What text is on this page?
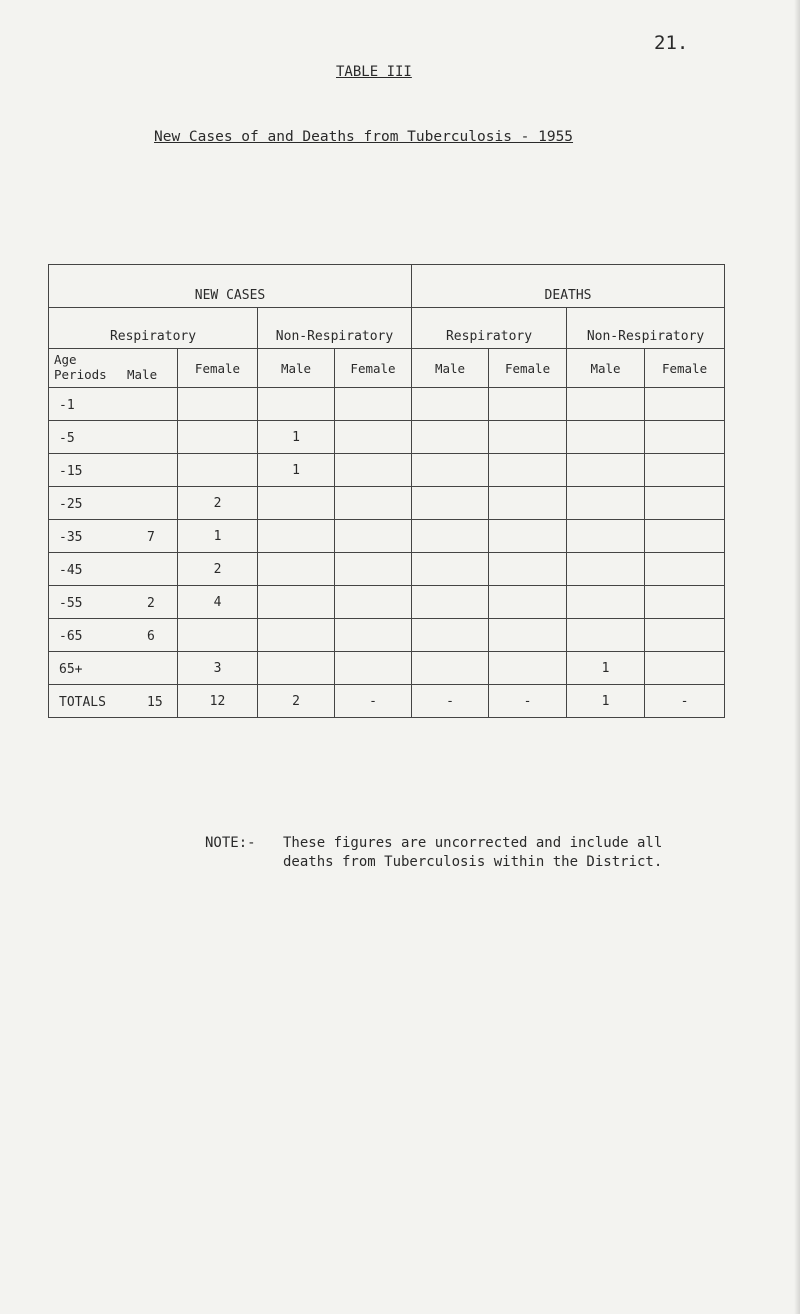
21.
TABLE III
New Cases of and Deaths from Tuberculosis - 1955
NEW CASES				DEATHS			
Respiratory		Non-Respiratory		Respiratory		Non-Respiratory	

Age
Periods Male	Female	Male	Female	Male	Female	Male	Female

-1							

-5		1					

-15		1					

-25	2						

-35 7	1						

-45	2						

-55 2	4						

-65 6							

65+	3					1	

TOTALS 15	12	2	-	-	-	1	-
NOTE:- These figures are uncorrected and include all deaths from Tuberculosis within the District.
